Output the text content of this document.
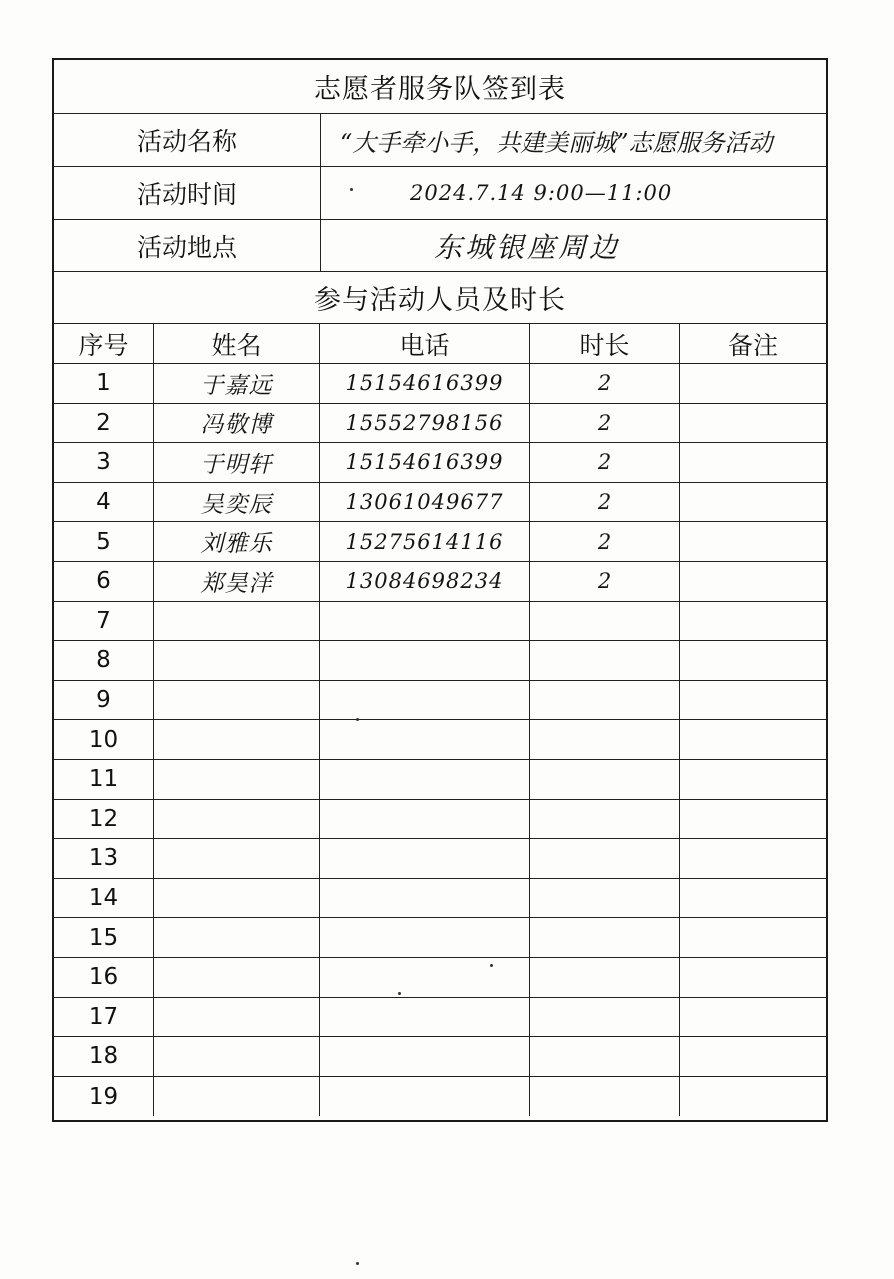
志愿者服务队签到表
活动名称	“大手牵小手，共建美丽城”志愿服务活动
活动时间	2024.7.14 9:00—11:00
活动地点	东城银座周边
参与活动人员及时长
序号	姓名	电话	时长	备注
1	于嘉远	15154616399	2
2	冯敬博	15552798156	2
3	于明轩	15154616399	2
4	吴奕辰	13061049677	2
5	刘雅乐	15275614116	2
6	郑昊洋	13084698234	2
7
8
9
10
11
12
13
14
15
16
17
18
19
